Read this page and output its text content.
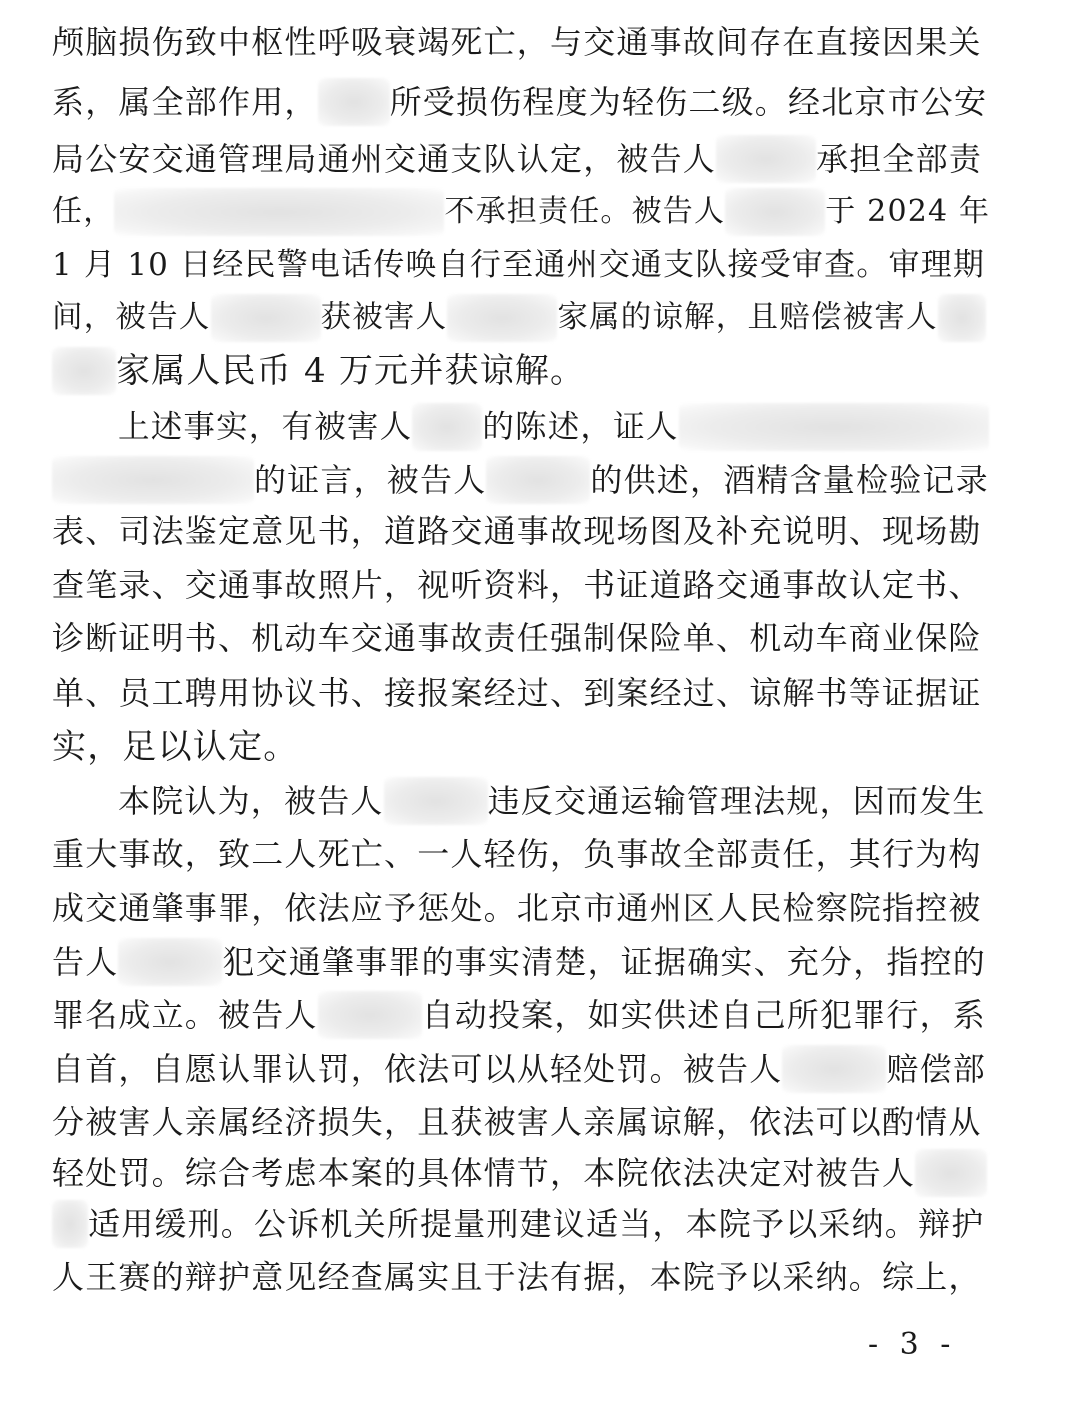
颅脑损伤致中枢性呼吸衰竭死亡，与交通事故间存在直接因果关
系，属全部作用， 所受损伤程度为轻伤二级。经北京市公安
局公安交通管理局通州交通支队认定，被告人	承担全部责
任，	不承担责任。被告人	于 2024 年
1 月 10 日经民警电话传唤自行至通州交通支队接受审查。审理期
间，被告人	获被害人	家属的谅解，且赔偿被害人
家属人民币 4 万元并获谅解。
上述事实，有被害人 的陈述，证人
的证言，被告人	的供述，酒精含量检验记录
表、司法鉴定意见书，道路交通事故现场图及补充说明、现场勘
查笔录、交通事故照片，视听资料，书证道路交通事故认定书、
诊断证明书、机动车交通事故责任强制保险单、机动车商业保险
单、员工聘用协议书、接报案经过、到案经过、谅解书等证据证
实，足以认定。
本院认为，被告人	违反交通运输管理法规，因而发生
重大事故，致二人死亡、一人轻伤，负事故全部责任，其行为构
成交通肇事罪，依法应予惩处。北京市通州区人民检察院指控被
告人	犯交通肇事罪的事实清楚，证据确实、充分，指控的
罪名成立。被告人	自动投案，如实供述自己所犯罪行，系
自首，自愿认罪认罚，依法可以从轻处罚。被告人	赔偿部
分被害人亲属经济损失，且获被害人亲属谅解，依法可以酌情从
轻处罚。综合考虑本案的具体情节，本院依法决定对被告人
适用缓刑。公诉机关所提量刑建议适当，本院予以采纳。辩护
人王赛的辩护意见经查属实且于法有据，本院予以采纳。综上，
- 3 -
